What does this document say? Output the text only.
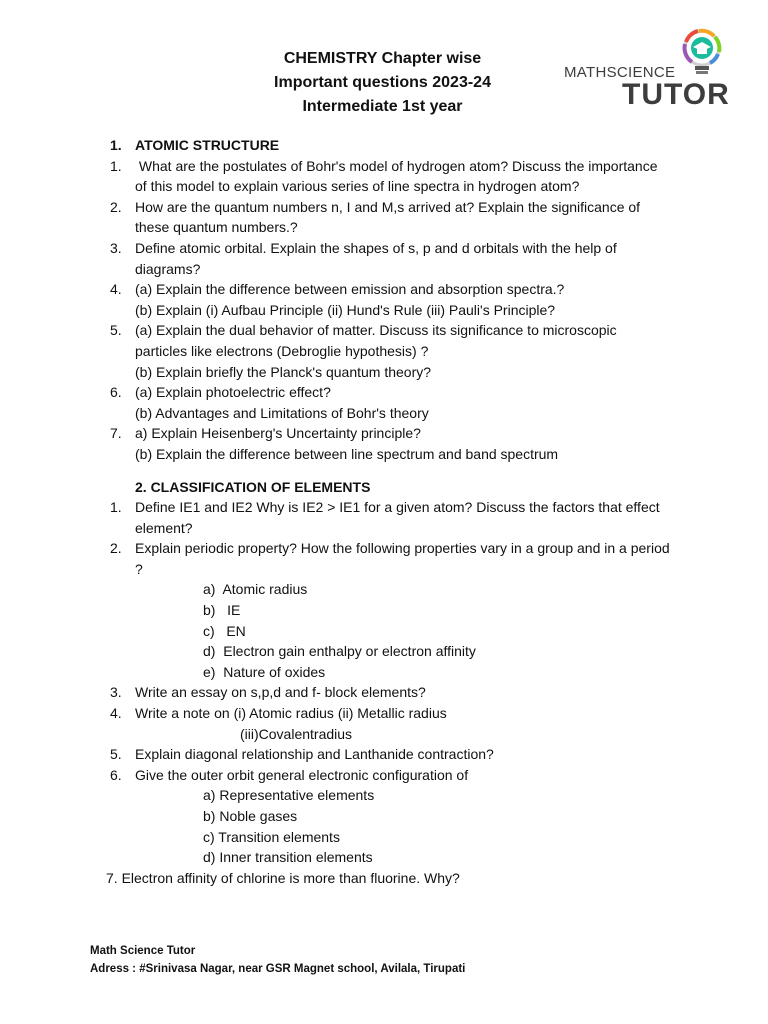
CHEMISTRY Chapter wise
Important questions 2023-24
Intermediate 1st year
MATHSCIENCE
TUTOR
1. ATOMIC STRUCTURE
1. What are the postulates of Bohr's model of hydrogen atom? Discuss the importance of this model to explain various series of line spectra in hydrogen atom?
2. How are the quantum numbers n, I and M,s arrived at? Explain the significance of these quantum numbers.?
3. Define atomic orbital. Explain the shapes of s, p and d orbitals with the help of diagrams?
4. (a) Explain the difference between emission and absorption spectra.?
(b) Explain (i) Aufbau Principle (ii) Hund's Rule (iii) Pauli's Principle?
5. (a) Explain the dual behavior of matter. Discuss its significance to microscopic particles like electrons (Debroglie hypothesis) ?
(b) Explain briefly the Planck's quantum theory?
6. (a) Explain photoelectric effect?
(b) Advantages and Limitations of Bohr's theory
7. a) Explain Heisenberg's Uncertainty principle?
(b) Explain the difference between line spectrum and band spectrum
2. CLASSIFICATION OF ELEMENTS
1. Define IE1 and IE2 Why is IE2 > IE1 for a given atom? Discuss the factors that effect element?
2. Explain periodic property? How the following properties vary in a group and in a period ?
a)  Atomic radius
b)   IE
c)   EN
d)  Electron gain enthalpy or electron affinity
e)  Nature of oxides
3. Write an essay on s,p,d and f- block elements?
4. Write a note on (i) Atomic radius (ii) Metallic radius
(iii)Covalentradius
5. Explain diagonal relationship and Lanthanide contraction?
6. Give the outer orbit general electronic configuration of
a) Representative elements
b) Noble gases
c) Transition elements
d) Inner transition elements
7. Electron affinity of chlorine is more than fluorine. Why?
Math Science Tutor
Adress : #Srinivasa Nagar, near GSR Magnet school, Avilala, Tirupati
